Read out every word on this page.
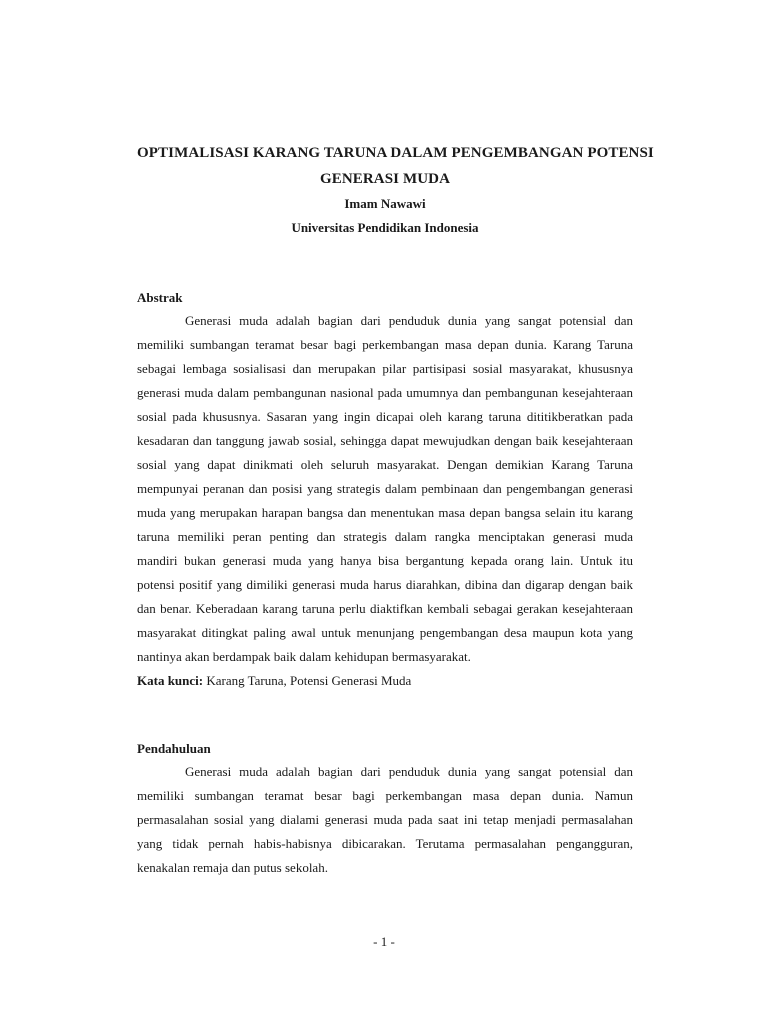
OPTIMALISASI KARANG TARUNA DALAM PENGEMBANGAN POTENSI
GENERASI MUDA
Imam Nawawi
Universitas Pendidikan Indonesia
Abstrak
Generasi muda adalah bagian dari penduduk dunia yang sangat potensial dan
memiliki sumbangan teramat besar bagi perkembangan masa depan dunia. Karang Taruna
sebagai lembaga sosialisasi dan merupakan pilar partisipasi sosial masyarakat, khususnya
generasi muda dalam pembangunan nasional pada umumnya dan pembangunan kesejahteraan
sosial pada khususnya. Sasaran yang ingin dicapai oleh karang taruna dititikberatkan pada
kesadaran dan tanggung jawab sosial, sehingga dapat mewujudkan dengan baik kesejahteraan
sosial yang dapat dinikmati oleh seluruh masyarakat. Dengan demikian Karang Taruna
mempunyai peranan dan posisi yang strategis dalam pembinaan dan pengembangan generasi
muda yang merupakan harapan bangsa dan menentukan masa depan bangsa selain itu karang
taruna memiliki peran penting dan strategis dalam rangka menciptakan generasi muda
mandiri bukan generasi muda yang hanya bisa bergantung kepada orang lain. Untuk itu
potensi positif yang dimiliki generasi muda harus diarahkan, dibina dan digarap dengan baik
dan benar. Keberadaan karang taruna perlu diaktifkan kembali sebagai gerakan kesejahteraan
masyarakat ditingkat paling awal untuk menunjang pengembangan desa maupun kota yang
nantinya akan berdampak baik dalam kehidupan bermasyarakat.
Kata kunci: Karang Taruna, Potensi Generasi Muda
Pendahuluan
Generasi muda adalah bagian dari penduduk dunia yang sangat potensial dan
memiliki sumbangan teramat besar bagi perkembangan masa depan dunia. Namun
permasalahan sosial yang dialami generasi muda pada saat ini tetap menjadi permasalahan
yang tidak pernah habis-habisnya dibicarakan. Terutama permasalahan pengangguran,
kenakalan remaja dan putus sekolah.
- 1 -
